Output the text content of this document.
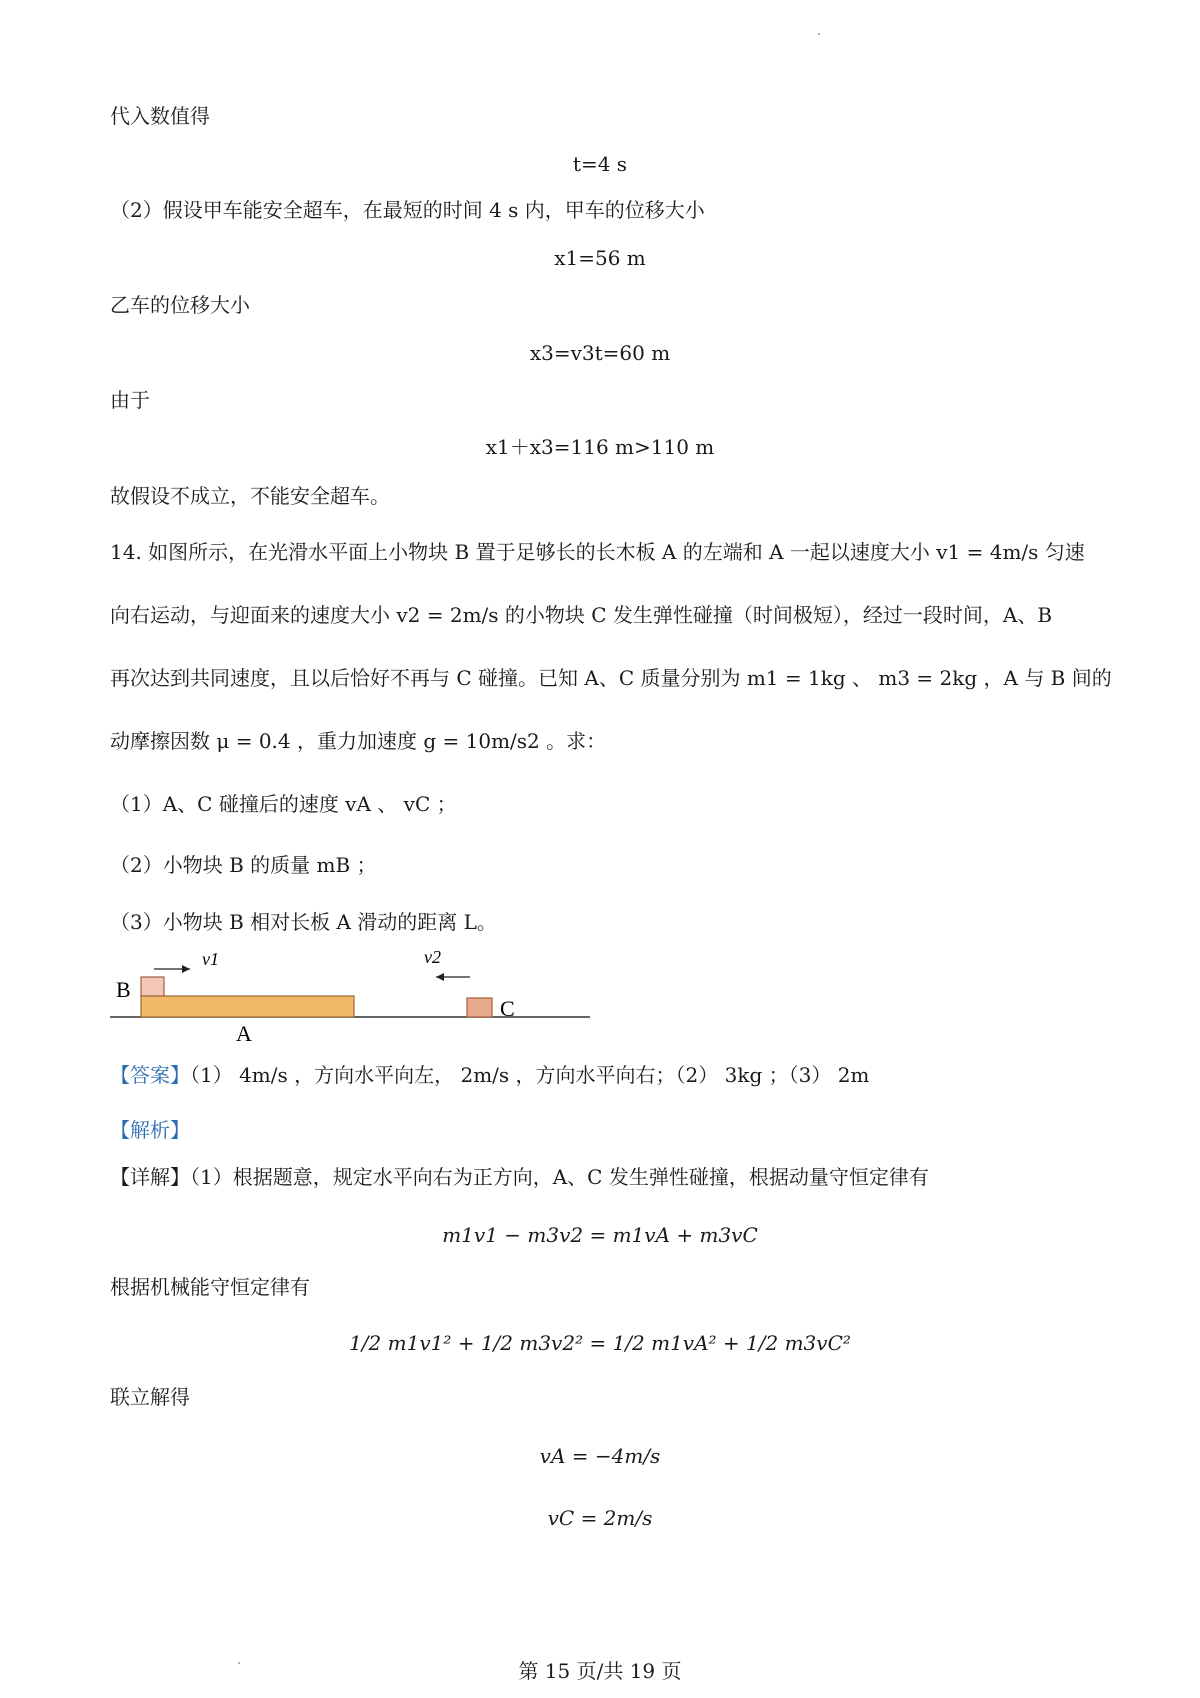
代入数值得
t=4 s
（2）假设甲车能安全超车，在最短的时间 4 s 内，甲车的位移大小
x1=56 m
乙车的位移大小
x3=v3t=60 m
由于
x1＋x3=116 m>110 m
故假设不成立，不能安全超车。
14. 如图所示，在光滑水平面上小物块 B 置于足够长的长木板 A 的左端和 A 一起以速度大小 v1 = 4m/s 匀速
向右运动，与迎面来的速度大小 v2 = 2m/s 的小物块 C 发生弹性碰撞（时间极短），经过一段时间，A、B
再次达到共同速度，且以后恰好不再与 C 碰撞。已知 A、C 质量分别为 m1 = 1kg 、 m3 = 2kg ，A 与 B 间的
动摩擦因数 μ = 0.4 ，重力加速度 g = 10m/s2 。求：
（1）A、C 碰撞后的速度 vA 、 vC ；
（2）小物块 B 的质量 mB ；
（3）小物块 B 相对长板 A 滑动的距离 L。
B
A
C
v1	v2
【答案】（1） 4m/s ，方向水平向左， 2m/s ，方向水平向右；（2） 3kg ；（3） 2m
【解析】
【详解】（1）根据题意，规定水平向右为正方向，A、C 发生弹性碰撞，根据动量守恒定律有
m1v1 − m3v2 = m1vA + m3vC
根据机械能守恒定律有
1/2 m1v1² + 1/2 m3v2² = 1/2 m1vA² + 1/2 m3vC²
联立解得
vA = −4m/s
vC = 2m/s
第 15 页/共 19 页
